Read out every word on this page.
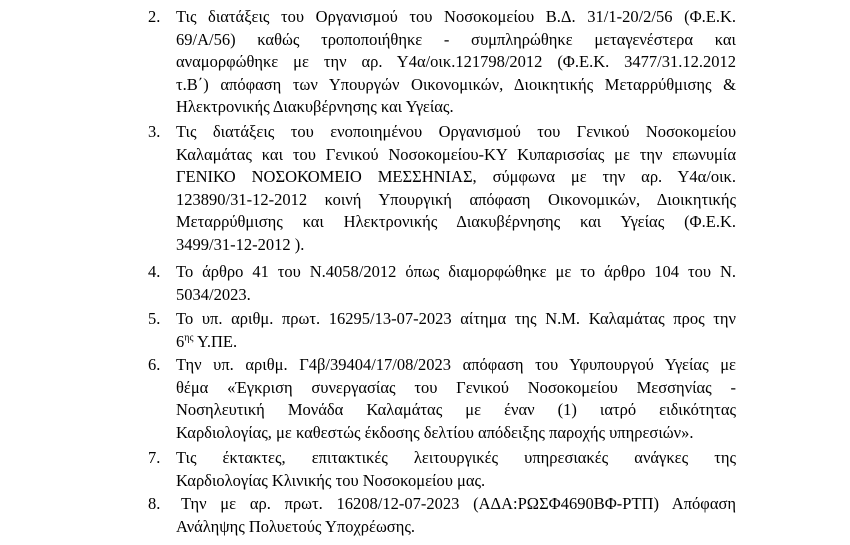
2. Τις διατάξεις του Οργανισμού του Νοσοκομείου Β.Δ. 31/1-20/2/56 (Φ.Ε.Κ.
69/Α/56) καθώς τροποποιήθηκε - συμπληρώθηκε μεταγενέστερα και
αναμορφώθηκε με την αρ. Υ4α/οικ.121798/2012 (Φ.Ε.Κ. 3477/31.12.2012
τ.Β΄) απόφαση των Υπουργών Οικονομικών, Διοικητικής Μεταρρύθμισης &
Ηλεκτρονικής Διακυβέρνησης και Υγείας.
3. Τις διατάξεις του ενοποιημένου Οργανισμού του Γενικού Νοσοκομείου
Καλαμάτας και του Γενικού Νοσοκομείου-ΚΥ Κυπαρισσίας με την επωνυμία
ΓΕΝΙΚΟ ΝΟΣΟΚΟΜΕΙΟ ΜΕΣΣΗΝΙΑΣ, σύμφωνα με την αρ. Υ4α/οικ.
123890/31-12-2012 κοινή Υπουργική απόφαση Οικονομικών, Διοικητικής
Μεταρρύθμισης και Ηλεκτρονικής Διακυβέρνησης και Υγείας (Φ.Ε.Κ.
3499/31-12-2012 ).
4. Το άρθρο 41 του Ν.4058/2012 όπως διαμορφώθηκε με το άρθρο 104 του Ν.
5034/2023.
5. Το υπ. αριθμ. πρωτ. 16295/13-07-2023 αίτημα της Ν.Μ. Καλαμάτας προς την
$6^{\eta\varsigma}$ Υ.ΠΕ.
6. Την υπ. αριθμ. Γ4β/39404/17/08/2023 απόφαση του Υφυπουργού Υγείας με
θέμα «Έγκριση συνεργασίας του Γενικού Νοσοκομείου Μεσσηνίας -
Νοσηλευτική Μονάδα Καλαμάτας με έναν (1) ιατρό ειδικότητας
Καρδιολογίας, με καθεστώς έκδοσης δελτίου απόδειξης παροχής υπηρεσιών».
7. Τις έκτακτες, επιτακτικές λειτουργικές υπηρεσιακές ανάγκες της
Καρδιολογίας Κλινικής του Νοσοκομείου μας.
8. Την με αρ. πρωτ. 16208/12-07-2023 (ΑΔΑ:ΡΩΣΦ4690ΒΦ-ΡΤΠ) Απόφαση
Ανάληψης Πολυετούς Υποχρέωσης.
